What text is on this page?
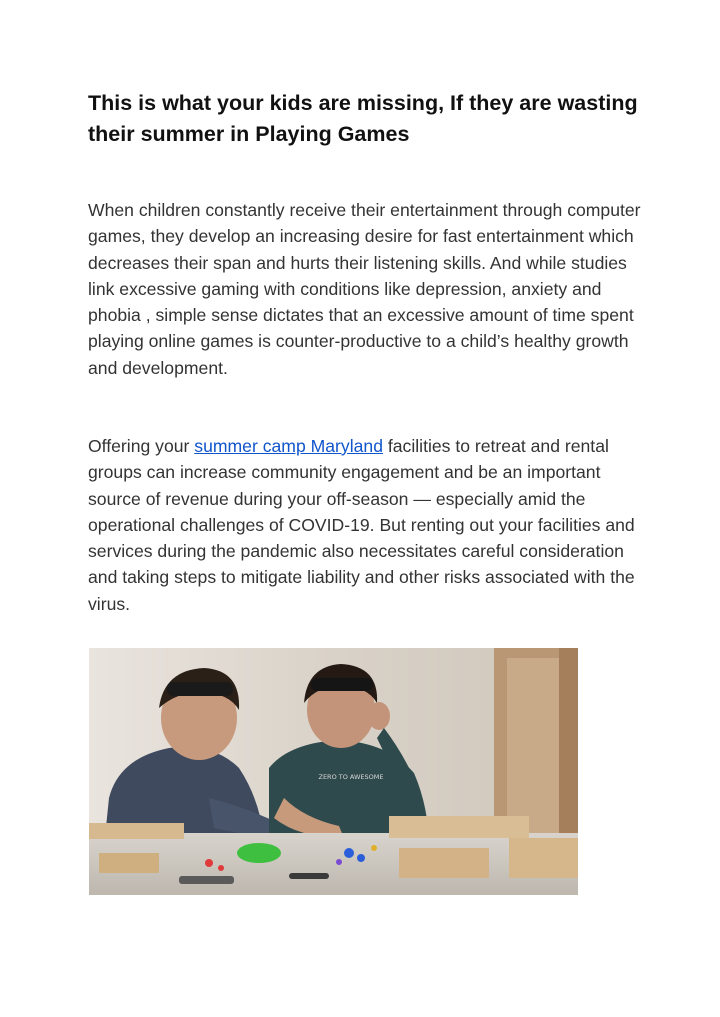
This is what your kids are missing, If they are wasting their summer in Playing Games

When children constantly receive their entertainment through computer games, they develop an increasing desire for fast entertainment which decreases their span and hurts their listening skills. And while studies link excessive gaming with conditions like depression, anxiety and phobia , simple sense dictates that an excessive amount of time spent playing online games is counter-productive to a child’s healthy growth and development.

Offering your summer camp Maryland facilities to retreat and rental groups can increase community engagement and be an important source of revenue during your off-season — especially amid the operational challenges of COVID-19. But renting out your facilities and services during the pandemic also necessitates careful consideration and taking steps to mitigate liability and other risks associated with the virus.

ZERO TO AWESOME
